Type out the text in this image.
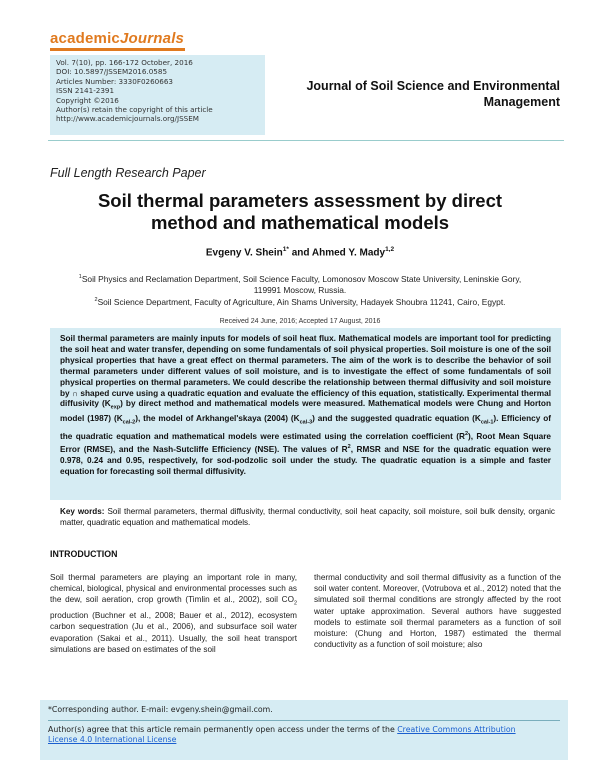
academicJournals
Vol. 7(10), pp. 166-172 October, 2016
DOI: 10.5897/JSSEM2016.0585
Articles Number: 3330F0260663
ISSN 2141-2391
Copyright ©2016
Author(s) retain the copyright of this article
http://www.academicjournals.org/JSSEM
Journal of Soil Science and Environmental
Management
Full Length Research Paper
Soil thermal parameters assessment by direct
method and mathematical models
Evgeny V. Shein$^{1*}$ and Ahmed Y. Mady$^{1,2}$
$^1$Soil Physics and Reclamation Department, Soil Science Faculty, Lomonosov Moscow State University, Leninskie Gory,
119991 Moscow, Russia.
$^2$Soil Science Department, Faculty of Agriculture, Ain Shams University, Hadayek Shoubra 11241, Cairo, Egypt.
Received 24 June, 2016; Accepted 17 August, 2016
Soil thermal parameters are mainly inputs for models of soil heat flux. Mathematical models are important tool for predicting the soil heat and water transfer, depending on some fundamentals of soil physical properties. Soil moisture is one of the soil physical properties that have a great effect on thermal parameters. The aim of the work is to describe the behavior of soil thermal parameters under different values of soil moisture, and is to investigate the effect of some fundamentals of soil physical properties on thermal parameters. We could describe the relationship between thermal diffusivity and soil moisture by ∩ shaped curve using a quadratic equation and evaluate the efficiency of this equation, statistically. Experimental thermal diffusivity $(K_{exp})$ by direct method and mathematical models were measured. Mathematical models were Chung and Horton model (1987) $(K_{cal-2})$, the model of Arkhangel'skaya (2004) $(K_{cal-3})$ and the suggested quadratic equation $(K_{cal-1})$. Efficiency of the quadratic equation and mathematical models were estimated using the correlation coefficient $(R^2)$, Root Mean Square Error (RMSE), and the Nash-Sutcliffe Efficiency (NSE). The values of $R^2$, RMSR and NSE for the quadratic equation were 0.978, 0.24 and 0.95, respectively, for sod-podzolic soil under the study. The quadratic equation is a simple and faster equation for forecasting soil thermal diffusivity.
Key words: Soil thermal parameters, thermal diffusivity, thermal conductivity, soil heat capacity, soil moisture, soil bulk density, organic matter, quadratic equation and mathematical models.
INTRODUCTION
Soil thermal parameters are playing an important role in many, chemical, biological, physical and environmental processes such as the dew, soil aeration, crop growth (Timlin et al., 2002), soil $CO_2$ production (Buchner et al., 2008; Bauer et al., 2012), ecosystem carbon sequestration (Ju et al., 2006), and subsurface soil water evaporation (Sakai et al., 2011). Usually, the soil heat transport simulations are based on estimates of the soil
thermal conductivity and soil thermal diffusivity as a function of the soil water content. Moreover, (Votrubova et al., 2012) noted that the simulated soil thermal conditions are strongly affected by the root water uptake approximation. Several authors have suggested models to estimate soil thermal parameters as a function of soil moisture: (Chung and Horton, 1987) estimated the thermal conductivity as a function of soil moisture; also
*Corresponding author. E-mail: evgeny.shein@gmail.com.
Author(s) agree that this article remain permanently open access under the terms of the Creative Commons Attribution
License 4.0 International License
